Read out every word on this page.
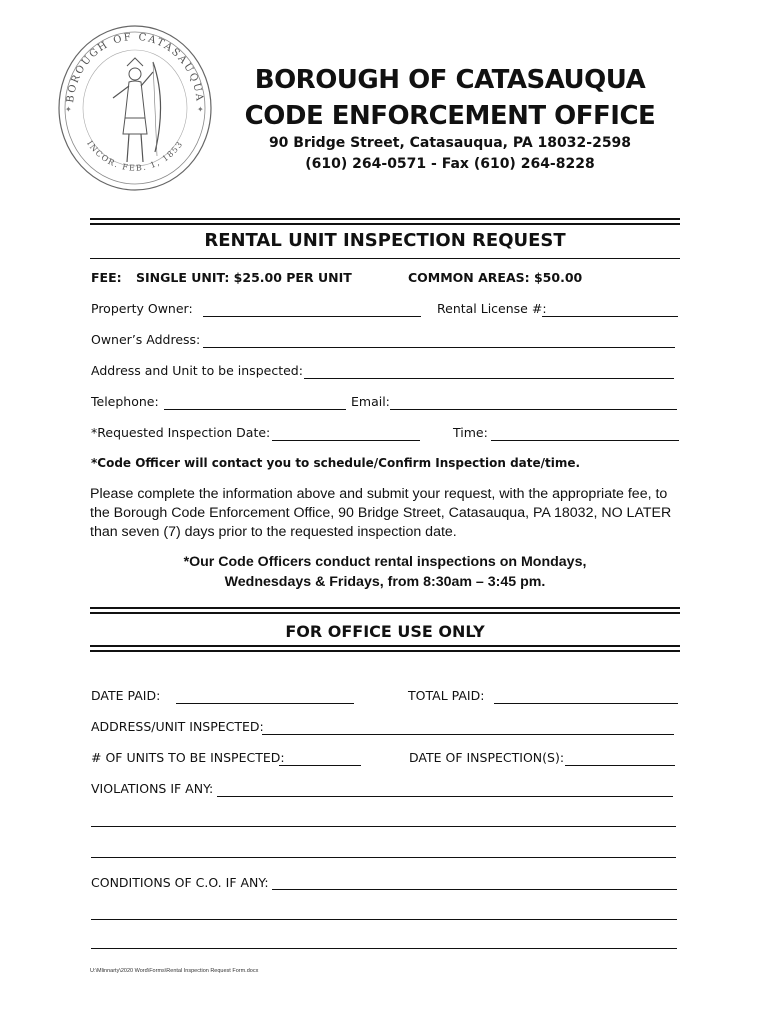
BOROUGH OF CATASAUQUA
INCOR. FEB. 1, 1853
✦	✦
BOROUGH OF CATASAUQUA
CODE ENFORCEMENT OFFICE
90 Bridge Street, Catasauqua, PA 18032-2598
(610) 264-0571 - Fax (610) 264-8228
RENTAL UNIT INSPECTION REQUEST
FEE: SINGLE UNIT: $25.00 PER UNIT	COMMON AREAS: $50.00
Property Owner:	Rental License #:
Owner’s Address:
Address and Unit to be inspected:
Telephone:	Email:
*Requested Inspection Date:	Time:
*Code Officer will contact you to schedule/Confirm Inspection date/time.
Please complete the information above and submit your request, with the appropriate fee, to the Borough Code Enforcement Office, 90 Bridge Street, Catasauqua, PA 18032, NO LATER than seven (7) days prior to the requested inspection date.
*Our Code Officers conduct rental inspections on Mondays,
Wednesdays & Fridays, from 8:30am – 3:45 pm.
FOR OFFICE USE ONLY
DATE PAID:	TOTAL PAID:
ADDRESS/UNIT INSPECTED:
# OF UNITS TO BE INSPECTED:	DATE OF INSPECTION(S):
VIOLATIONS IF ANY:
CONDITIONS OF C.O. IF ANY:
U:\Mlinnarty\2020 Word\Forms\Rental Inspection Request Form.docx
